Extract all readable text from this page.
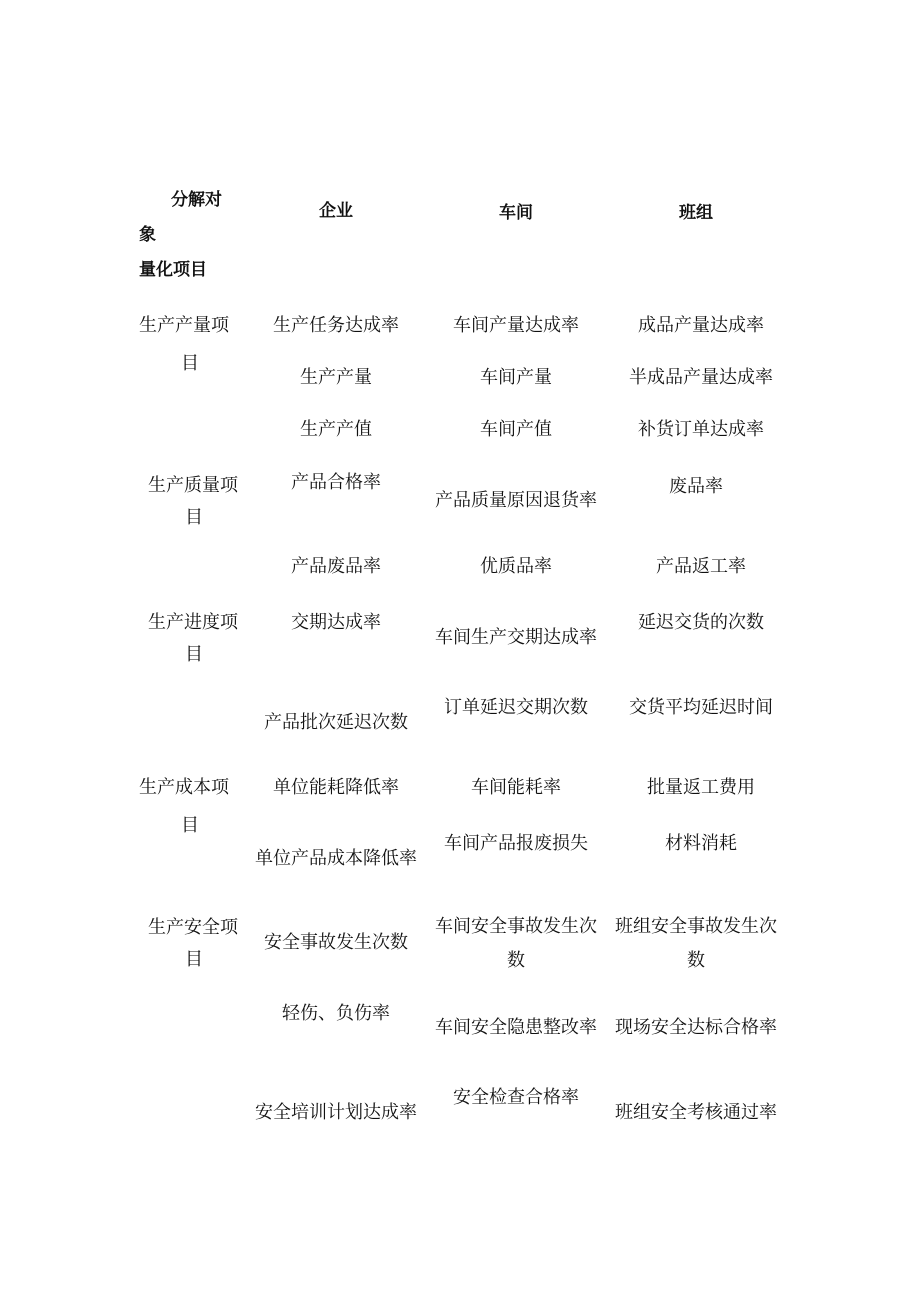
分解对
象
量化项目
企业	车间	班组
生产产量项
目
生产任务达成率
生产产量
生产产值
车间产量达成率
车间产量
车间产值
成品产量达成率
半成品产量达成率
补货订单达成率
生产质量项
目
产品合格率
产品废品率
产品质量原因退货率
优质品率
废品率
产品返工率
生产进度项
目
交期达成率
产品批次延迟次数
车间生产交期达成率
订单延迟交期次数
延迟交货的次数
交货平均延迟时间
生产成本项
目
单位能耗降低率
单位产品成本降低率
车间能耗率
车间产品报废损失
批量返工费用
材料消耗
生产安全项
目
安全事故发生次数
轻伤、负伤率
安全培训计划达成率
车间安全事故发生次数
车间安全隐患整改率
安全检查合格率
班组安全事故发生次数
现场安全达标合格率
班组安全考核通过率
